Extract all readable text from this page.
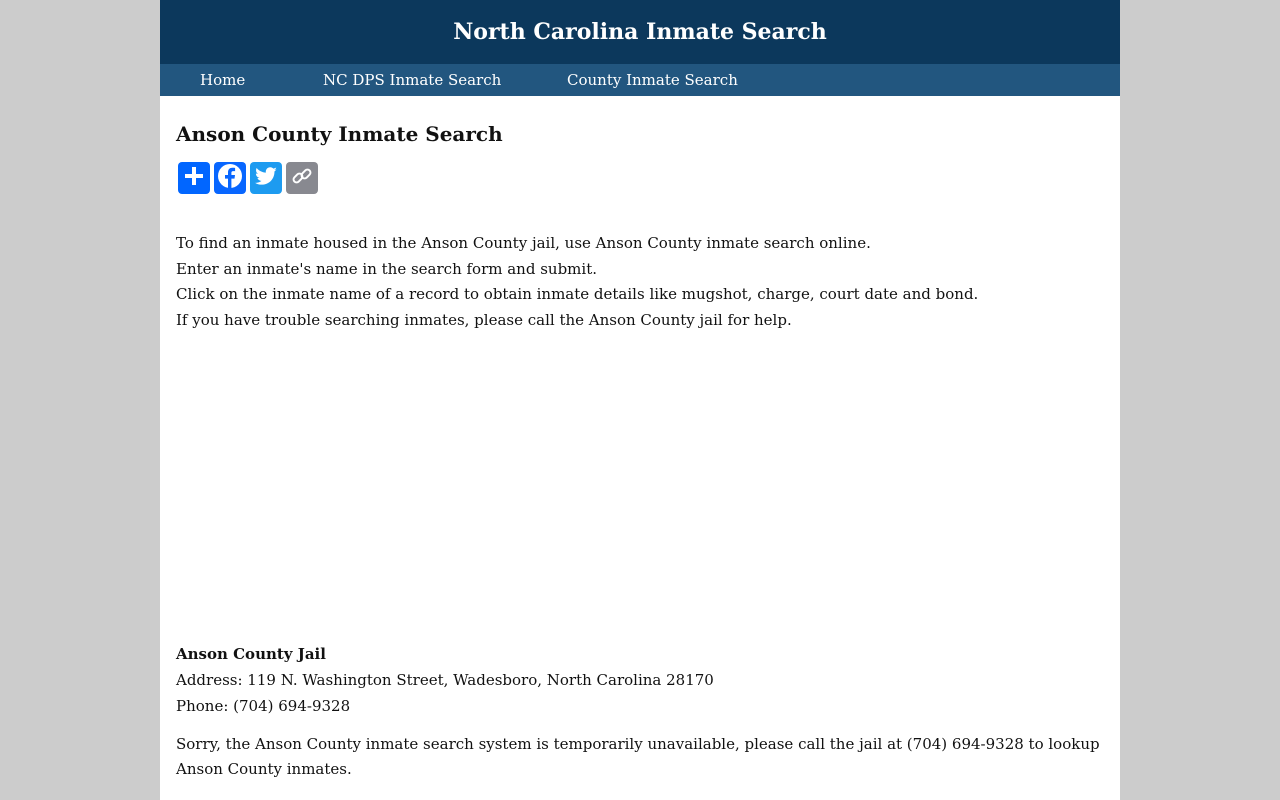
North Carolina Inmate Search
Home	NC DPS Inmate Search	County Inmate Search
Anson County Inmate Search

To find an inmate housed in the Anson County jail, use Anson County inmate search online.

Enter an inmate's name in the search form and submit.

Click on the inmate name of a record to obtain inmate details like mugshot, charge, court date and bond.

If you have trouble searching inmates, please call the Anson County jail for help.

Anson County Jail

Address: 119 N. Washington Street, Wadesboro, North Carolina 28170

Phone: (704) 694-9328

Sorry, the Anson County inmate search system is temporarily unavailable, please call the jail at (704) 694-9328 to lookup Anson County inmates.
